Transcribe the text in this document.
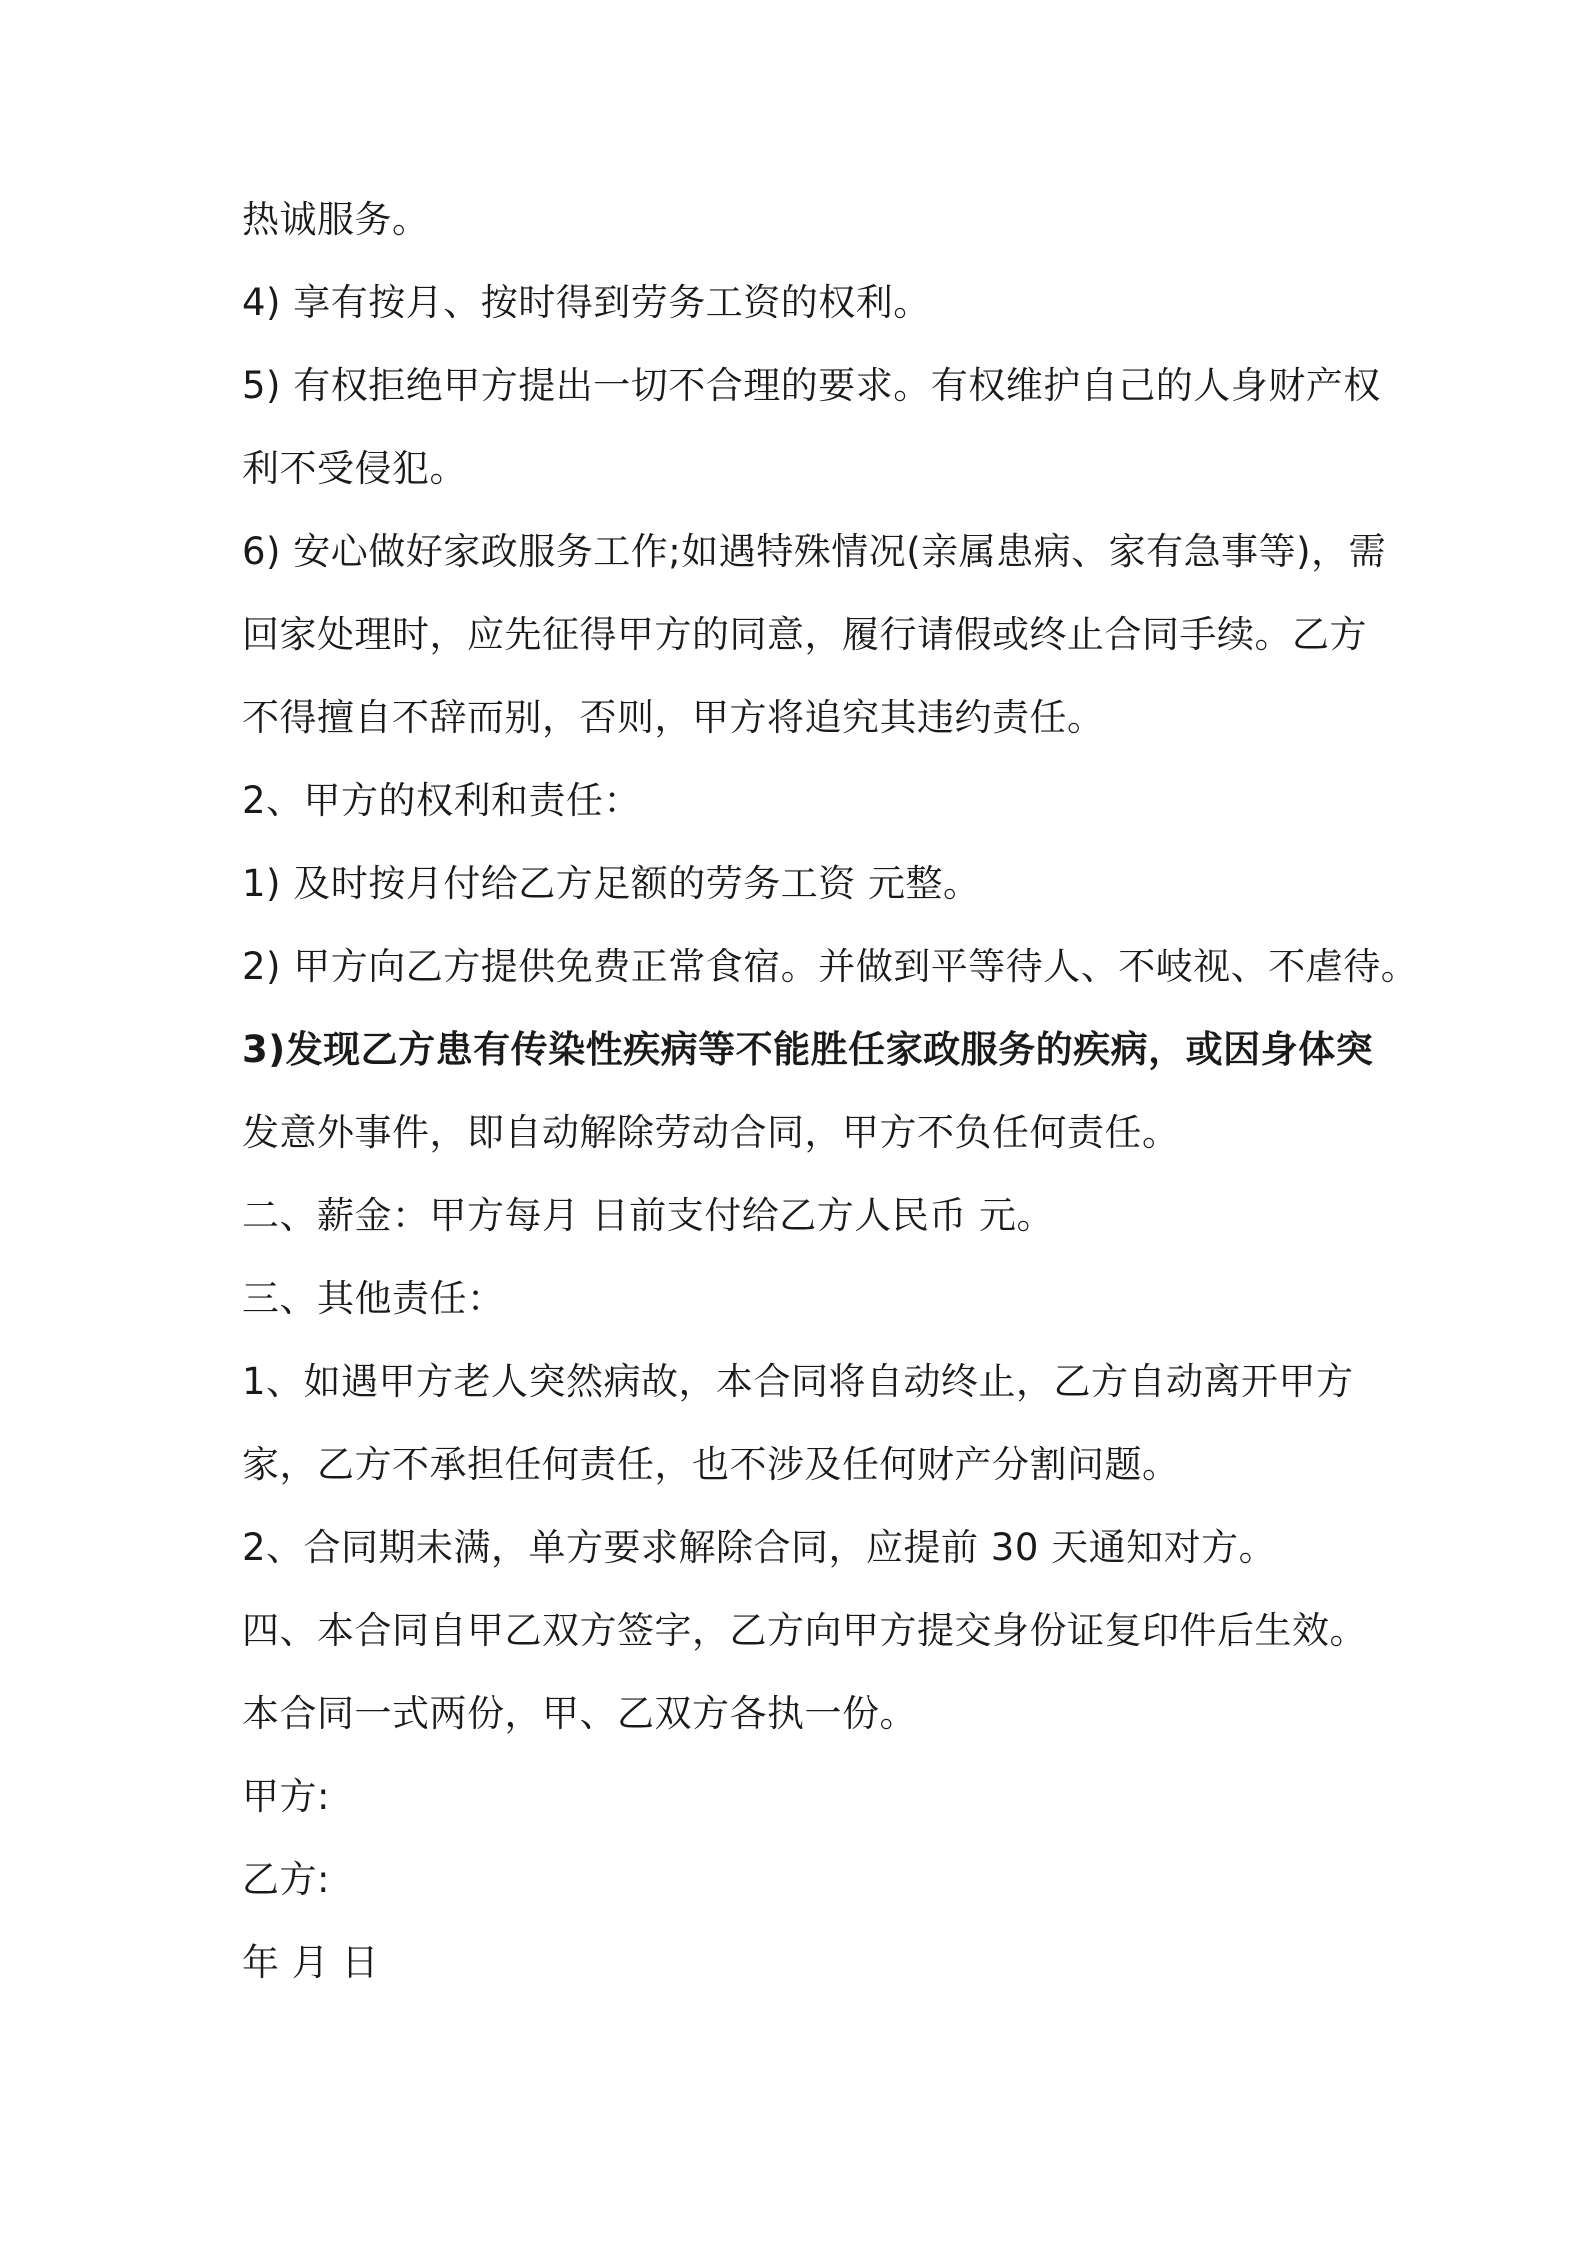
热诚服务。
4) 享有按月、按时得到劳务工资的权利。
5) 有权拒绝甲方提出一切不合理的要求。有权维护自己的人身财产权
利不受侵犯。
6) 安心做好家政服务工作;如遇特殊情况(亲属患病、家有急事等)，需
回家处理时，应先征得甲方的同意，履行请假或终止合同手续。乙方
不得擅自不辞而别，否则，甲方将追究其违约责任。
2、甲方的权利和责任：
1) 及时按月付给乙方足额的劳务工资 元整。
2) 甲方向乙方提供免费正常食宿。并做到平等待人、不岐视、不虐待。
3)发现乙方患有传染性疾病等不能胜任家政服务的疾病，或因身体突
发意外事件，即自动解除劳动合同，甲方不负任何责任。
二、薪金：甲方每月 日前支付给乙方人民币 元。
三、其他责任：
1、如遇甲方老人突然病故，本合同将自动终止，乙方自动离开甲方
家，乙方不承担任何责任，也不涉及任何财产分割问题。
2、合同期未满，单方要求解除合同，应提前 30 天通知对方。
四、本合同自甲乙双方签字，乙方向甲方提交身份证复印件后生效。
本合同一式两份，甲、乙双方各执一份。
甲方:
乙方:
年 月 日
